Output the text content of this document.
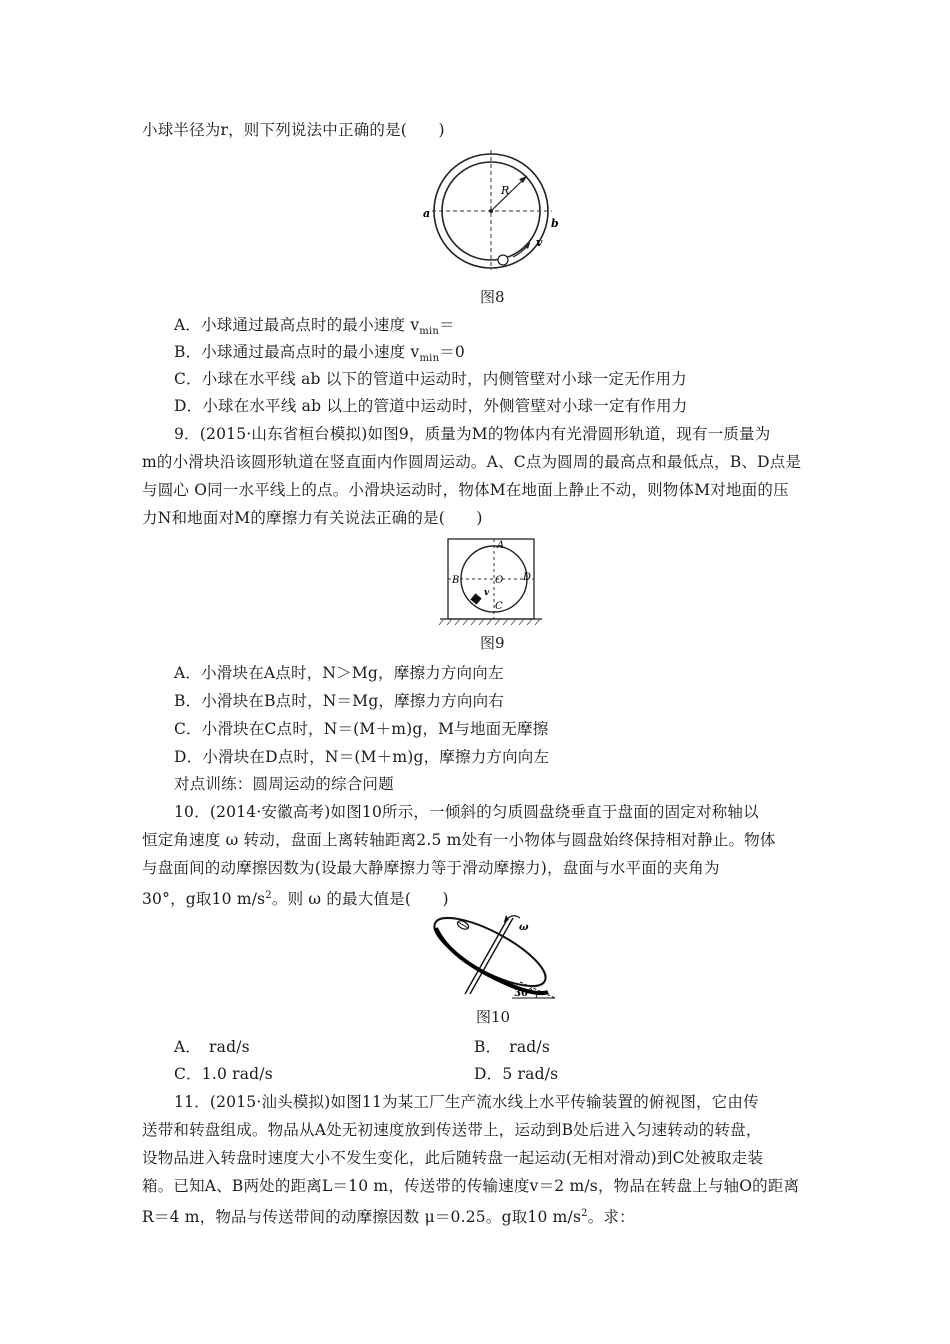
小球半径为r，则下列说法中正确的是(　　)
R
a
b
v
图8
A．小球通过最高点时的最小速度 $v_{min}=$
B．小球通过最高点时的最小速度 $v_{min}=0$
C．小球在水平线 ab 以下的管道中运动时，内侧管壁对小球一定无作用力
D．小球在水平线 ab 以上的管道中运动时，外侧管壁对小球一定有作用力
9．(2015·山东省桓台模拟)如图9，质量为M的物体内有光滑圆形轨道，现有一质量为
m的小滑块沿该圆形轨道在竖直面内作圆周运动。A、C点为圆周的最高点和最低点，B、D点是
与圆心 O同一水平线上的点。小滑块运动时，物体M在地面上静止不动，则物体M对地面的压
力N和地面对M的摩擦力有关说法正确的是(　　)
A
B	O D
C
v
图9
A．小滑块在A点时，N＞Mg，摩擦力方向向左
B．小滑块在B点时，N＝Mg，摩擦力方向向右
C．小滑块在C点时，N＝(M＋m)g，M与地面无摩擦
D．小滑块在D点时，N＝(M＋m)g，摩擦力方向向左
对点训练：圆周运动的综合问题
10．(2014·安徽高考)如图10所示，一倾斜的匀质圆盘绕垂直于盘面的固定对称轴以
恒定角速度 ω 转动，盘面上离转轴距离2.5 m处有一小物体与圆盘始终保持相对静止。物体
与盘面间的动摩擦因数为(设最大静摩擦力等于滑动摩擦力)，盘面与水平面的夹角为
30°，g取10 $m/s^2$。则 ω 的最大值是(　　)
ω
30°
图10
A．　rad/s	B．　rad/s
C．1.0 rad/s	D．5 rad/s
11．(2015·汕头模拟)如图11为某工厂生产流水线上水平传输装置的俯视图，它由传
送带和转盘组成。物品从A处无初速度放到传送带上，运动到B处后进入匀速转动的转盘，
设物品进入转盘时速度大小不发生变化，此后随转盘一起运动(无相对滑动)到C处被取走装
箱。已知A、B两处的距离L＝10 m，传送带的传输速度v＝2 m/s，物品在转盘上与轴O的距离
R＝4 m，物品与传送带间的动摩擦因数 μ＝0.25。g取10 $m/s^2$。求：
